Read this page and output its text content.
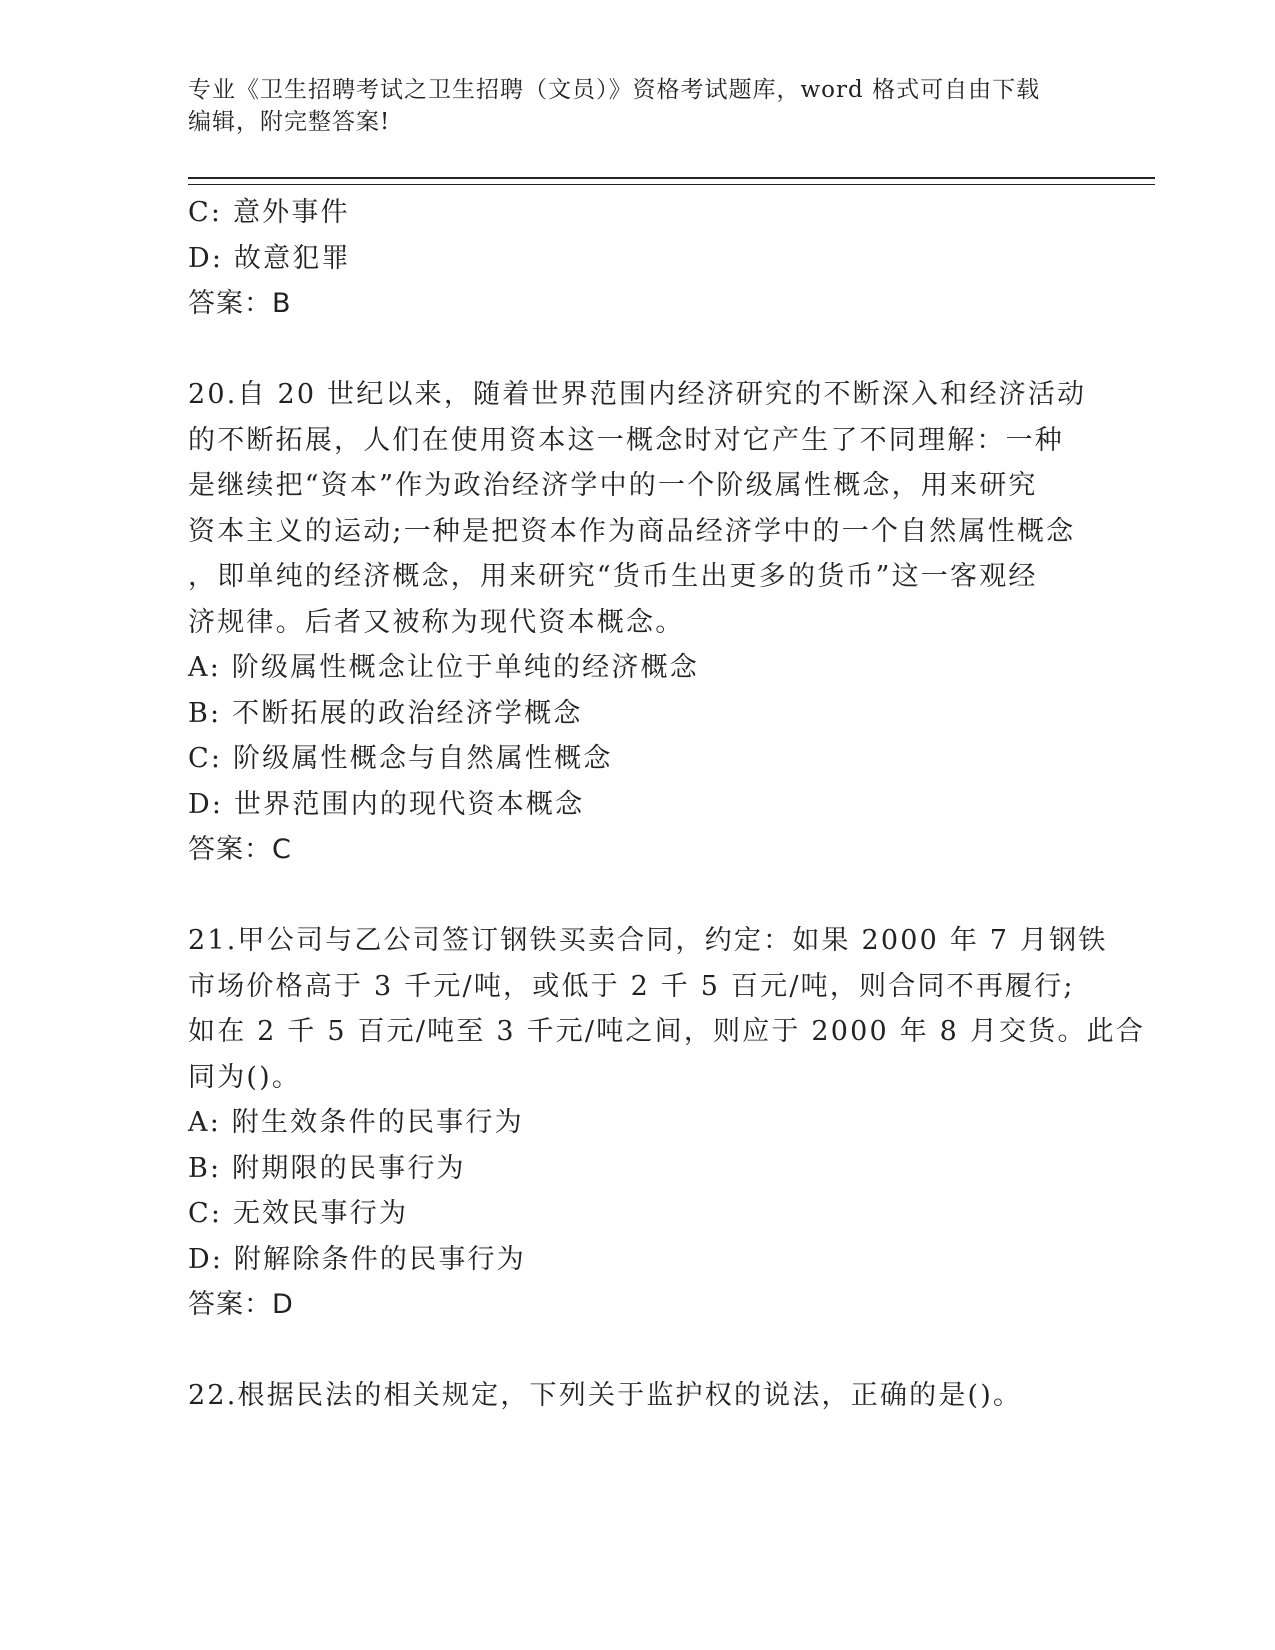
专业《卫生招聘考试之卫生招聘（文员）》资格考试题库，word 格式可自由下载
编辑，附完整答案!
C: 意外事件
D: 故意犯罪
答案：B
20.自 20 世纪以来，随着世界范围内经济研究的不断深入和经济活动
的不断拓展，人们在使用资本这一概念时对它产生了不同理解：一种
是继续把“资本”作为政治经济学中的一个阶级属性概念，用来研究
资本主义的运动;一种是把资本作为商品经济学中的一个自然属性概念
，即单纯的经济概念，用来研究“货币生出更多的货币”这一客观经
济规律。后者又被称为现代资本概念。
A: 阶级属性概念让位于单纯的经济概念
B: 不断拓展的政治经济学概念
C: 阶级属性概念与自然属性概念
D: 世界范围内的现代资本概念
答案：C
21.甲公司与乙公司签订钢铁买卖合同，约定：如果 2000 年 7 月钢铁
市场价格高于 3 千元/吨，或低于 2 千 5 百元/吨，则合同不再履行;
如在 2 千 5 百元/吨至 3 千元/吨之间，则应于 2000 年 8 月交货。此合
同为()。
A: 附生效条件的民事行为
B: 附期限的民事行为
C: 无效民事行为
D: 附解除条件的民事行为
答案：D
22.根据民法的相关规定，下列关于监护权的说法，正确的是()。
